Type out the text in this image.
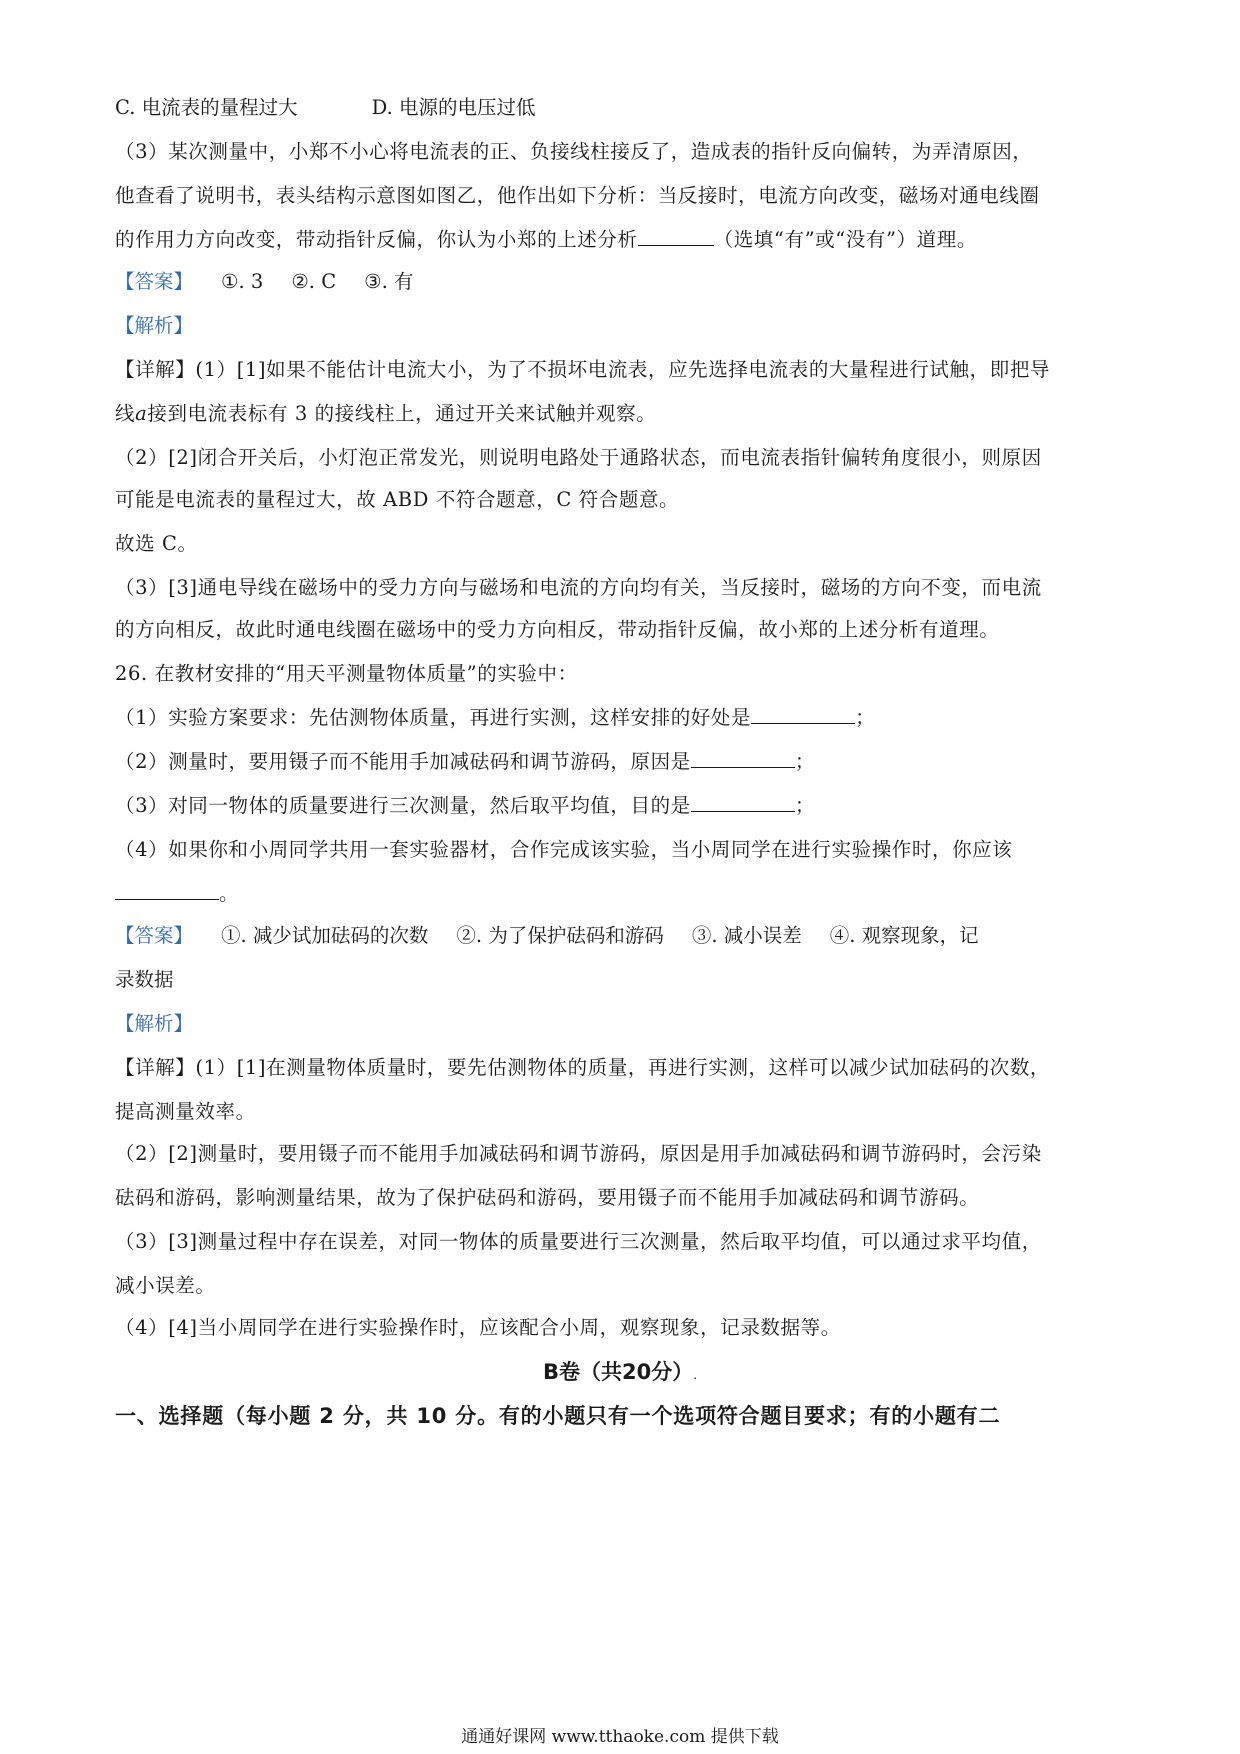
C. 电流表的量程过大	D. 电源的电压过低
（3）某次测量中，小郑不小心将电流表的正、负接线柱接反了，造成表的指针反向偏转，为弄清原因，
他查看了说明书，表头结构示意图如图乙，他作出如下分析：当反接时，电流方向改变，磁场对通电线圈
的作用力方向改变，带动指针反偏，你认为小郑的上述分析	（选填“有”或“没有”）道理。
【答案】 ①. 3 ②. C ③. 有
【解析】
【详解】(1）[1]如果不能估计电流大小，为了不损坏电流表，应先选择电流表的大量程进行试触，即把导
线a接到电流表标有 3 的接线柱上，通过开关来试触并观察。
（2）[2]闭合开关后，小灯泡正常发光，则说明电路处于通路状态，而电流表指针偏转角度很小，则原因
可能是电流表的量程过大，故 ABD 不符合题意，C 符合题意。
故选 C。
（3）[3]通电导线在磁场中的受力方向与磁场和电流的方向均有关，当反接时，磁场的方向不变，而电流
的方向相反，故此时通电线圈在磁场中的受力方向相反，带动指针反偏，故小郑的上述分析有道理。
26. 在教材安排的“用天平测量物体质量”的实验中：
（1）实验方案要求：先估测物体质量，再进行实测，这样安排的好处是	；
（2）测量时，要用镊子而不能用手加减砝码和调节游码，原因是	；
（3）对同一物体的质量要进行三次测量，然后取平均值，目的是	；
（4）如果你和小周同学共用一套实验器材，合作完成该实验，当小周同学在进行实验操作时，你应该
。
【答案】 ①. 减少试加砝码的次数 ②. 为了保护砝码和游码 ③. 减小误差 ④. 观察现象，记
录数据
【解析】
【详解】(1）[1]在测量物体质量时，要先估测物体的质量，再进行实测，这样可以减少试加砝码的次数，
提高测量效率。
（2）[2]测量时，要用镊子而不能用手加减砝码和调节游码，原因是用手加减砝码和调节游码时，会污染
砝码和游码，影响测量结果，故为了保护砝码和游码，要用镊子而不能用手加减砝码和调节游码。
（3）[3]测量过程中存在误差，对同一物体的质量要进行三次测量，然后取平均值，可以通过求平均值，
减小误差。
（4）[4]当小周同学在进行实验操作时，应该配合小周，观察现象，记录数据等。
B卷（共20分）.
一、选择题（每小题 2 分，共 10 分。有的小题只有一个选项符合题目要求；有的小题有二
通通好课网 www.tthaoke.com 提供下载
